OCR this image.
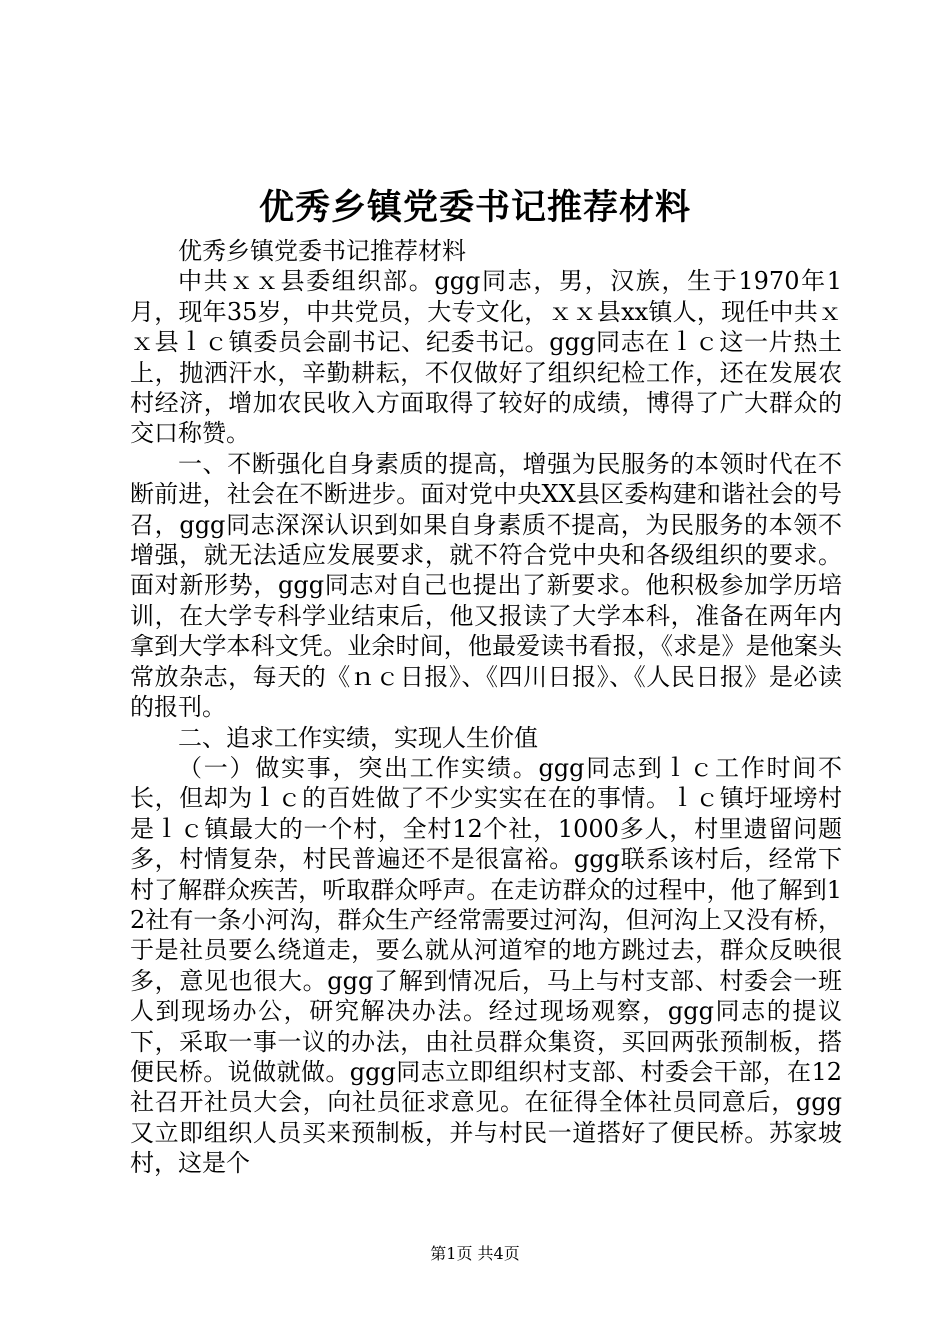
优秀乡镇党委书记推荐材料

优秀乡镇党委书记推荐材料

中共ｘｘ县委组织部。ggg同志，男，汉族，生于1970年1月，现年35岁，中共党员，大专文化，ｘｘ县xx镇人，现任中共ｘｘ县ｌｃ镇委员会副书记、纪委书记。ggg同志在ｌｃ这一片热土上，抛洒汗水，辛勤耕耘，不仅做好了组织纪检工作，还在发展农村经济，增加农民收入方面取得了较好的成绩，博得了广大群众的交口称赞。

一、不断强化自身素质的提高，增强为民服务的本领时代在不断前进，社会在不断进步。面对党中央XX县区委构建和谐社会的号召，ggg同志深深认识到如果自身素质不提高，为民服务的本领不增强，就无法适应发展要求，就不符合党中央和各级组织的要求。面对新形势，ggg同志对自己也提出了新要求。他积极参加学历培训，在大学专科学业结束后，他又报读了大学本科，准备在两年内拿到大学本科文凭。业余时间，他最爱读书看报，《求是》是他案头常放杂志，每天的《ｎｃ日报》、《四川日报》、《人民日报》是必读的报刊。

二、追求工作实绩，实现人生价值

（一）做实事，突出工作实绩。ggg同志到ｌｃ工作时间不长，但却为ｌｃ的百姓做了不少实实在在的事情。ｌｃ镇圩垭塝村是ｌｃ镇最大的一个村，全村12个社，1000多人，村里遗留问题多，村情复杂，村民普遍还不是很富裕。ggg联系该村后，经常下村了解群众疾苦，听取群众呼声。在走访群众的过程中，他了解到12社有一条小河沟，群众生产经常需要过河沟，但河沟上又没有桥，于是社员要么绕道走，要么就从河道窄的地方跳过去，群众反映很多，意见也很大。ggg了解到情况后，马上与村支部、村委会一班人到现场办公，研究解决办法。经过现场观察，ggg同志的提议下，采取一事一议的办法，由社员群众集资，买回两张预制板，搭便民桥。说做就做。ggg同志立即组织村支部、村委会干部，在12社召开社员大会，向社员征求意见。在征得全体社员同意后，ggg又立即组织人员买来预制板，并与村民一道搭好了便民桥。苏家坡村，这是个

第1页 共4页
